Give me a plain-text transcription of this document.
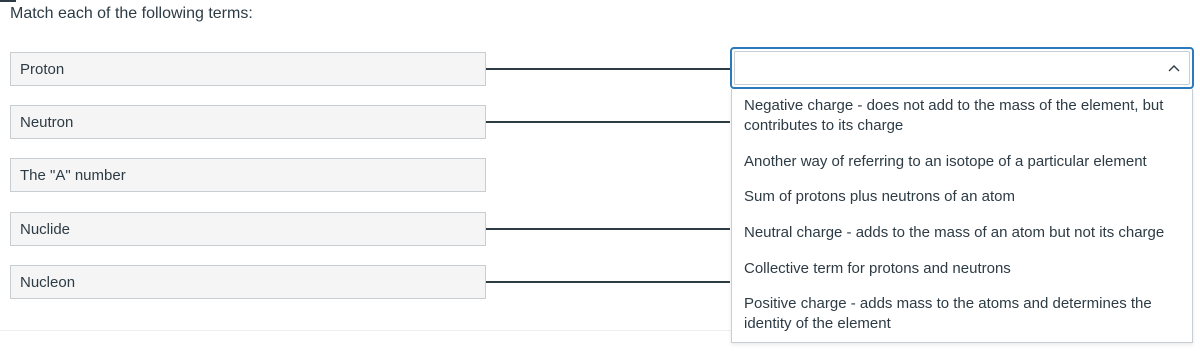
Match each of the following terms:

Proton
Neutron
The "A" number
Nuclide
Nucleon
Negative charge - does not add to the mass of the element, but contributes to its charge
Another way of referring to an isotope of a particular element
Sum of protons plus neutrons of an atom
Neutral charge - adds to the mass of an atom but not its charge
Collective term for protons and neutrons
Positive charge - adds mass to the atoms and determines the identity of the element
